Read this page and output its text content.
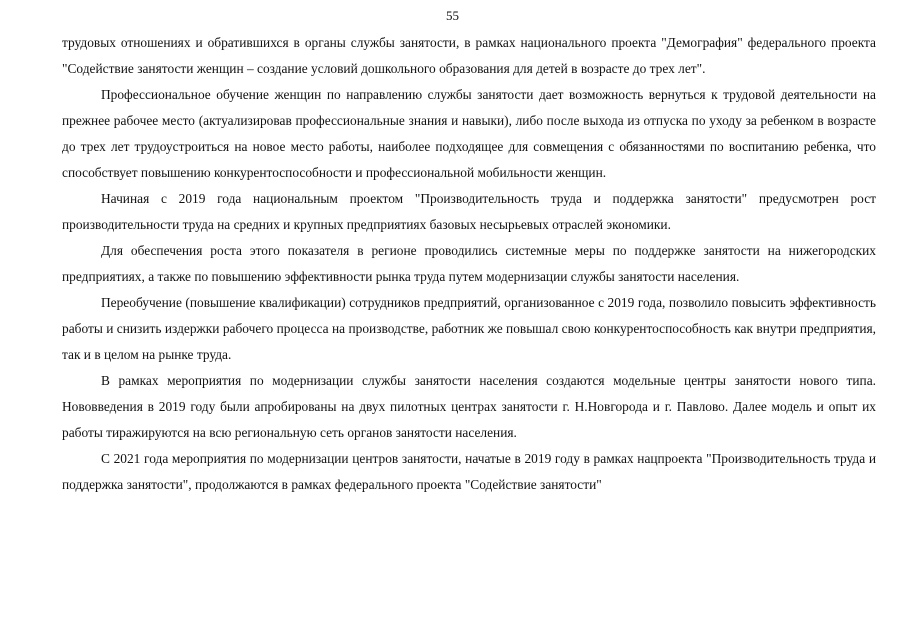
55

трудовых отношениях и обратившихся в органы службы занятости, в рамках национального проекта "Демография" федерального проекта "Содействие занятости женщин – создание условий дошкольного образования для детей в возрасте до трех лет".

Профессиональное обучение женщин по направлению службы занятости дает возможность вернуться к трудовой деятельности на прежнее рабочее место (актуализировав профессиональные знания и навыки), либо после выхода из отпуска по уходу за ребенком в возрасте до трех лет трудоустроиться на новое место работы, наиболее подходящее для совмещения с обязанностями по воспитанию ребенка, что способствует повышению конкурентоспособности и профессиональной мобильности женщин.

Начиная с 2019 года национальным проектом "Производительность труда и поддержка занятости" предусмотрен рост производительности труда на средних и крупных предприятиях базовых несырьевых отраслей экономики.

Для обеспечения роста этого показателя в регионе проводились системные меры по поддержке занятости на нижегородских предприятиях, а также по повышению эффективности рынка труда путем модернизации службы занятости населения.

Переобучение (повышение квалификации) сотрудников предприятий, организованное с 2019 года, позволило повысить эффективность работы и снизить издержки рабочего процесса на производстве, работник же повышал свою конкурентоспособность как внутри предприятия, так и в целом на рынке труда.

В рамках мероприятия по модернизации службы занятости населения создаются модельные центры занятости нового типа. Нововведения в 2019 году были апробированы на двух пилотных центрах занятости г. Н.Новгорода и г. Павлово. Далее модель и опыт их работы тиражируются на всю региональную сеть органов занятости населения.

С 2021 года мероприятия по модернизации центров занятости, начатые в 2019 году в рамках нацпроекта "Производительность труда и поддержка занятости", продолжаются в рамках федерального проекта "Содействие занятости"
